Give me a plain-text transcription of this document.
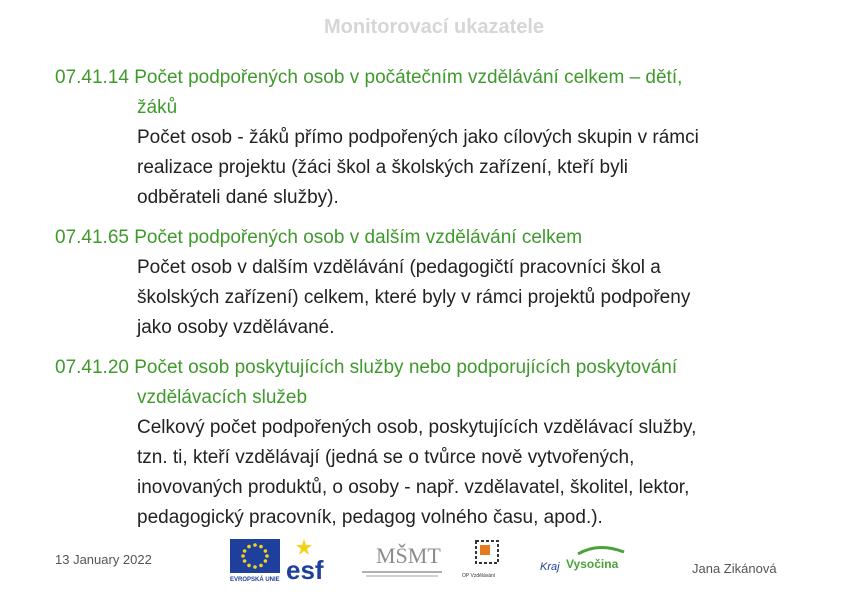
Monitorovací ukazatele
07.41.14 Počet podpořených osob v počátečním vzdělávání celkem – dětí,
žáků
Počet osob - žáků přímo podpořených jako cílových skupin v rámci
realizace projektu (žáci škol a školských zařízení, kteří byli
odběrateli dané služby).
07.41.65 Počet podpořených osob v dalším vzdělávání celkem
Počet osob v dalším vzdělávání (pedagogičtí pracovníci škol a
školských zařízení) celkem, které byly v rámci projektů podpořeny
jako osoby vzdělávané.
07.41.20 Počet osob poskytujících služby nebo podporujících poskytování
vzdělávacích služeb
Celkový počet podpořených osob, poskytujících vzdělávací služby,
tzn. ti, kteří vzdělávají (jedná se o tvůrce nově vytvořených,
inovovaných produktů, o osoby - např. vzdělavatel, školitel, lektor,
pedagogický pracovník, pedagog volného času, apod.).
13 January 2022
EVROPSKÁ UNIE esf MŠMT
OP Vzdělávání
Kraj Vysočina	Jana Zikánová
